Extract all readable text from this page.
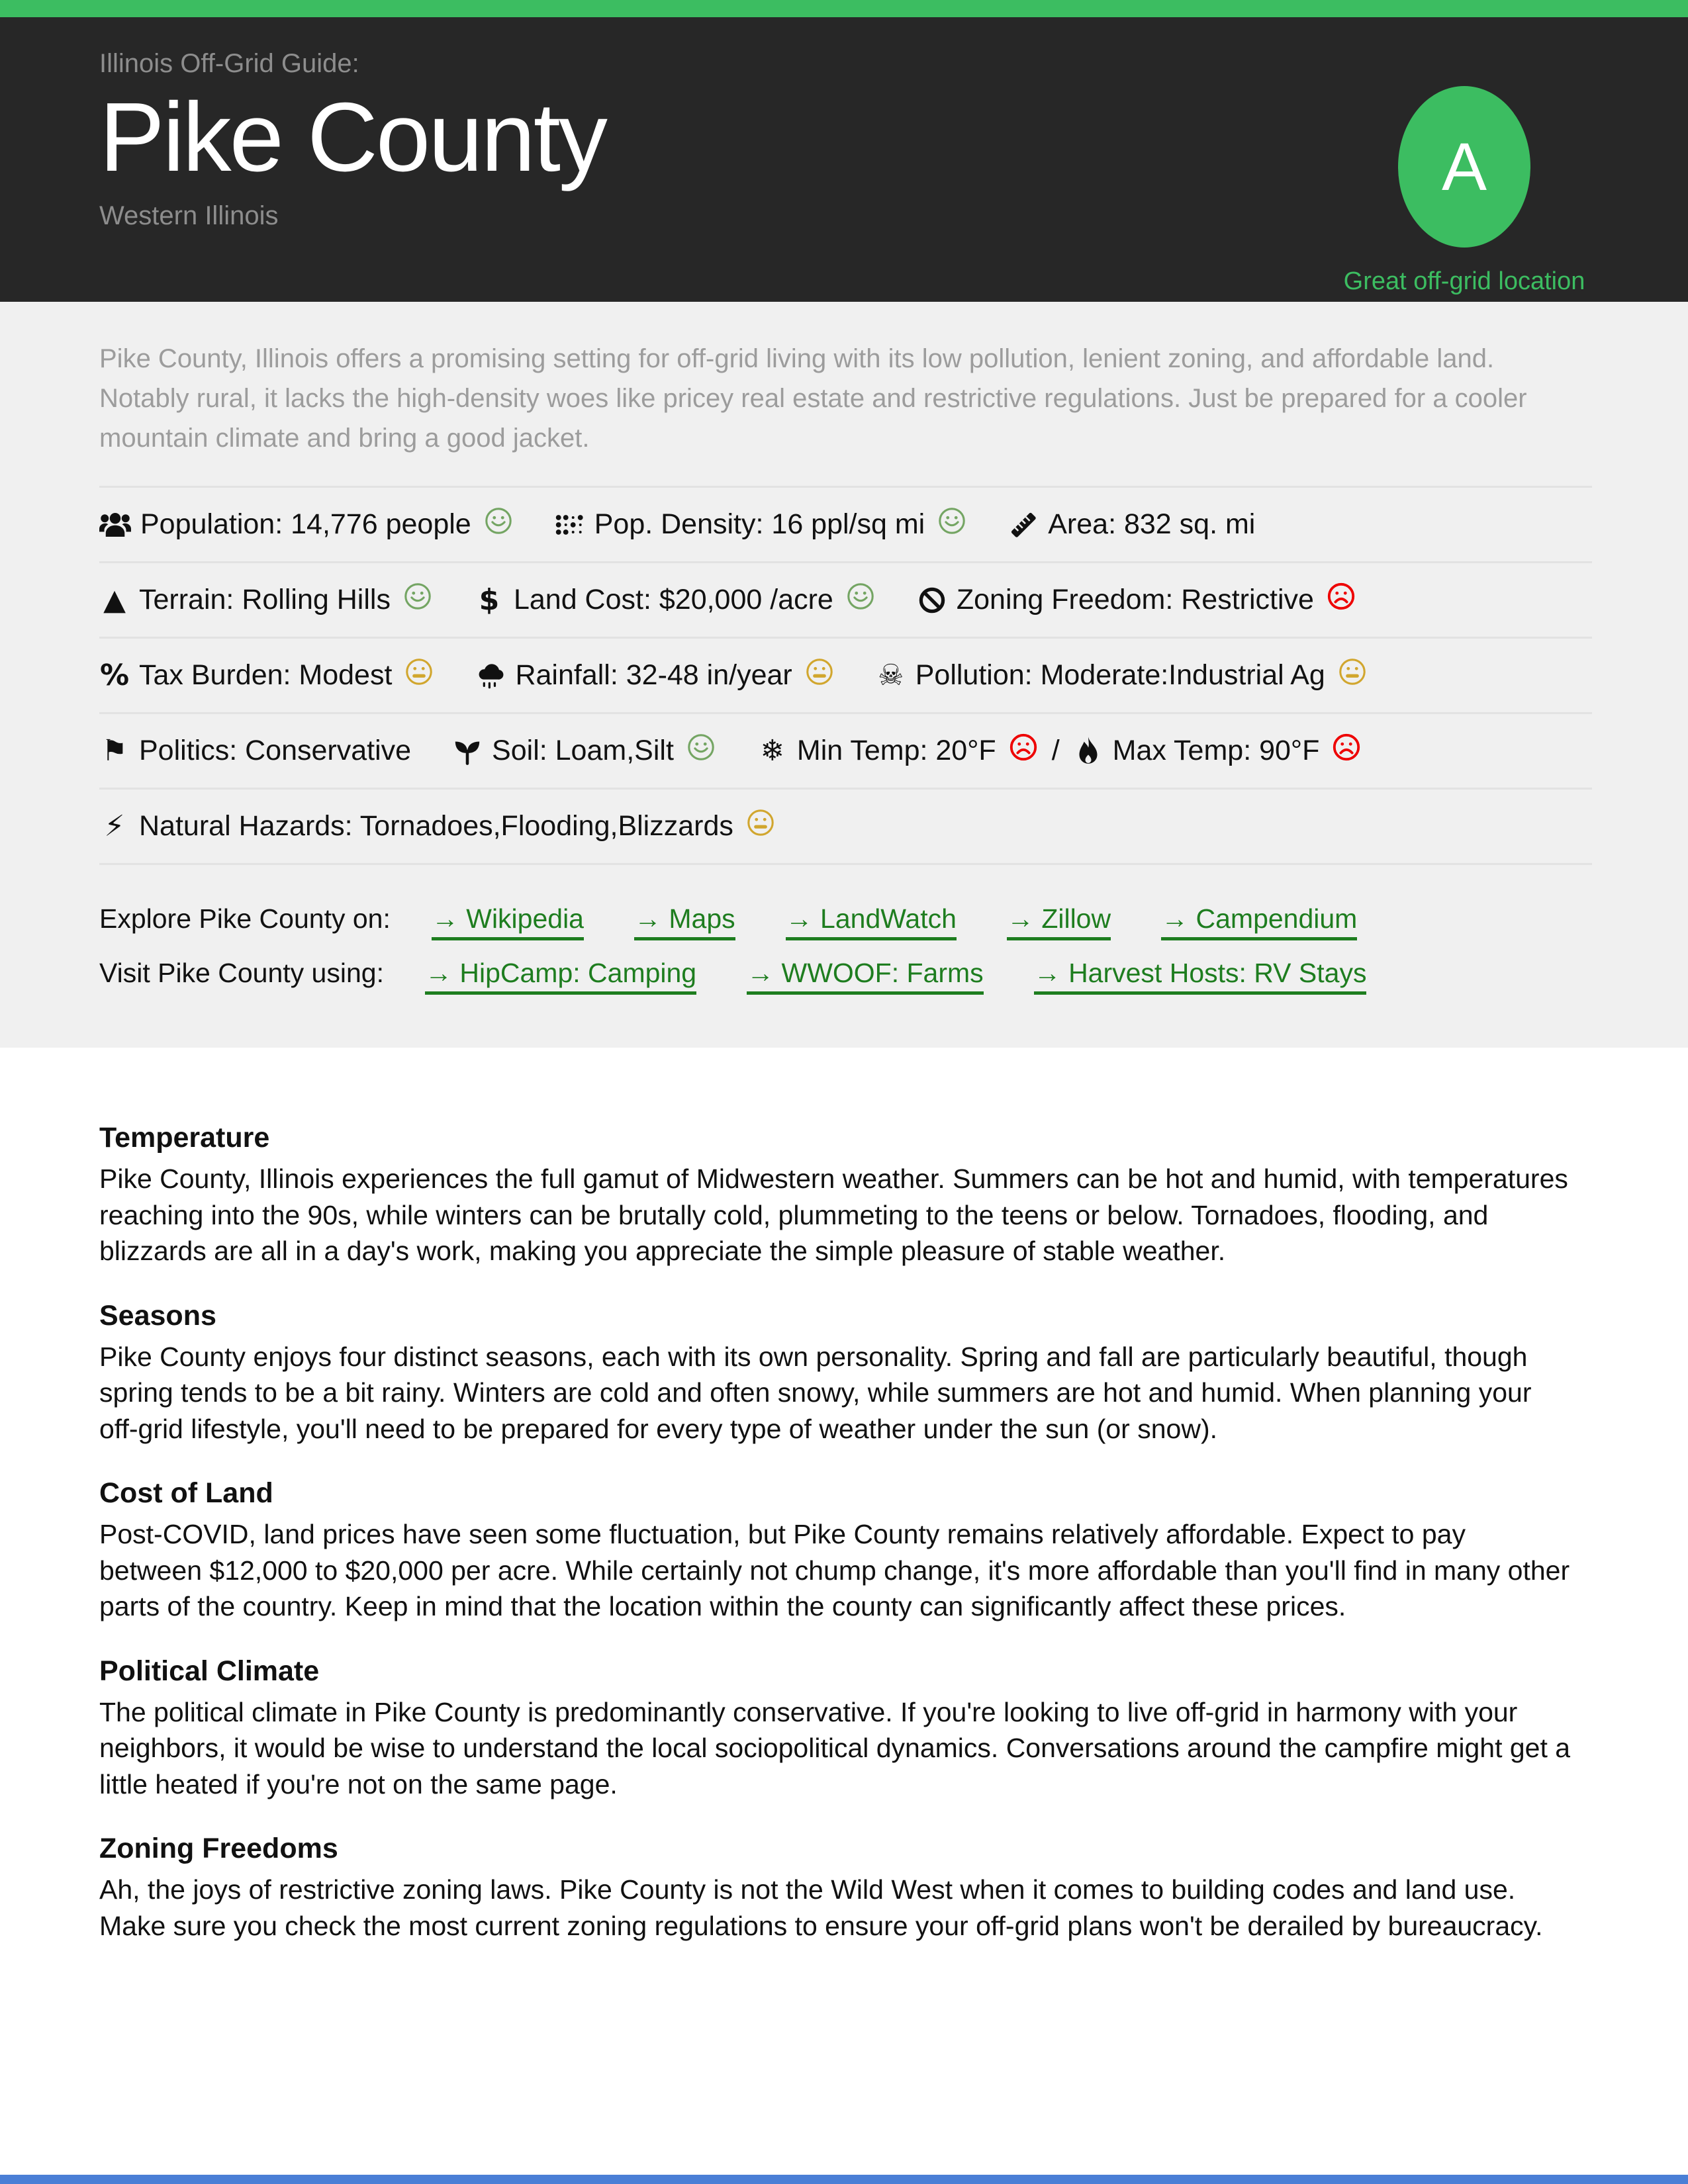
Illinois Off-Grid Guide:
Pike County
Western Illinois
A
Great off-grid location

Pike County, Illinois offers a promising setting for off-grid living with its low pollution, lenient zoning, and affordable land. Notably rural, it lacks the high-density woes like pricey real estate and restrictive regulations. Just be prepared for a cooler mountain climate and bring a good jacket.

Population: 14,776 people	Pop. Density: 16 ppl/sq mi	Area: 832 sq. mi
▲ Terrain: Rolling Hills	$ Land Cost: $20,000 /acre	Zoning Freedom: Restrictive
% Tax Burden: Modest	Rainfall: 32-48 in/year	☠ Pollution: Moderate:Industrial Ag
⚑ Politics: Conservative	Soil: Loam,Silt	❄ Min Temp: 20°F / Max Temp: 90°F
⚡ Natural Hazards: Tornadoes,Flooding,Blizzards
Explore Pike County on: → Wikipedia → Maps → LandWatch → Zillow → Campendium
Visit Pike County using: → HipCamp: Camping → WWOOF: Farms → Harvest Hosts: RV Stays
Temperature

Pike County, Illinois experiences the full gamut of Midwestern weather. Summers can be hot and humid, with temperatures reaching into the 90s, while winters can be brutally cold, plummeting to the teens or below. Tornadoes, flooding, and blizzards are all in a day's work, making you appreciate the simple pleasure of stable weather.

Seasons

Pike County enjoys four distinct seasons, each with its own personality. Spring and fall are particularly beautiful, though spring tends to be a bit rainy. Winters are cold and often snowy, while summers are hot and humid. When planning your off-grid lifestyle, you'll need to be prepared for every type of weather under the sun (or snow).

Cost of Land

Post-COVID, land prices have seen some fluctuation, but Pike County remains relatively affordable. Expect to pay between $12,000 to $20,000 per acre. While certainly not chump change, it's more affordable than you'll find in many other parts of the country. Keep in mind that the location within the county can significantly affect these prices.

Political Climate

The political climate in Pike County is predominantly conservative. If you're looking to live off-grid in harmony with your neighbors, it would be wise to understand the local sociopolitical dynamics. Conversations around the campfire might get a little heated if you're not on the same page.

Zoning Freedoms

Ah, the joys of restrictive zoning laws. Pike County is not the Wild West when it comes to building codes and land use. Make sure you check the most current zoning regulations to ensure your off-grid plans won't be derailed by bureaucracy.
